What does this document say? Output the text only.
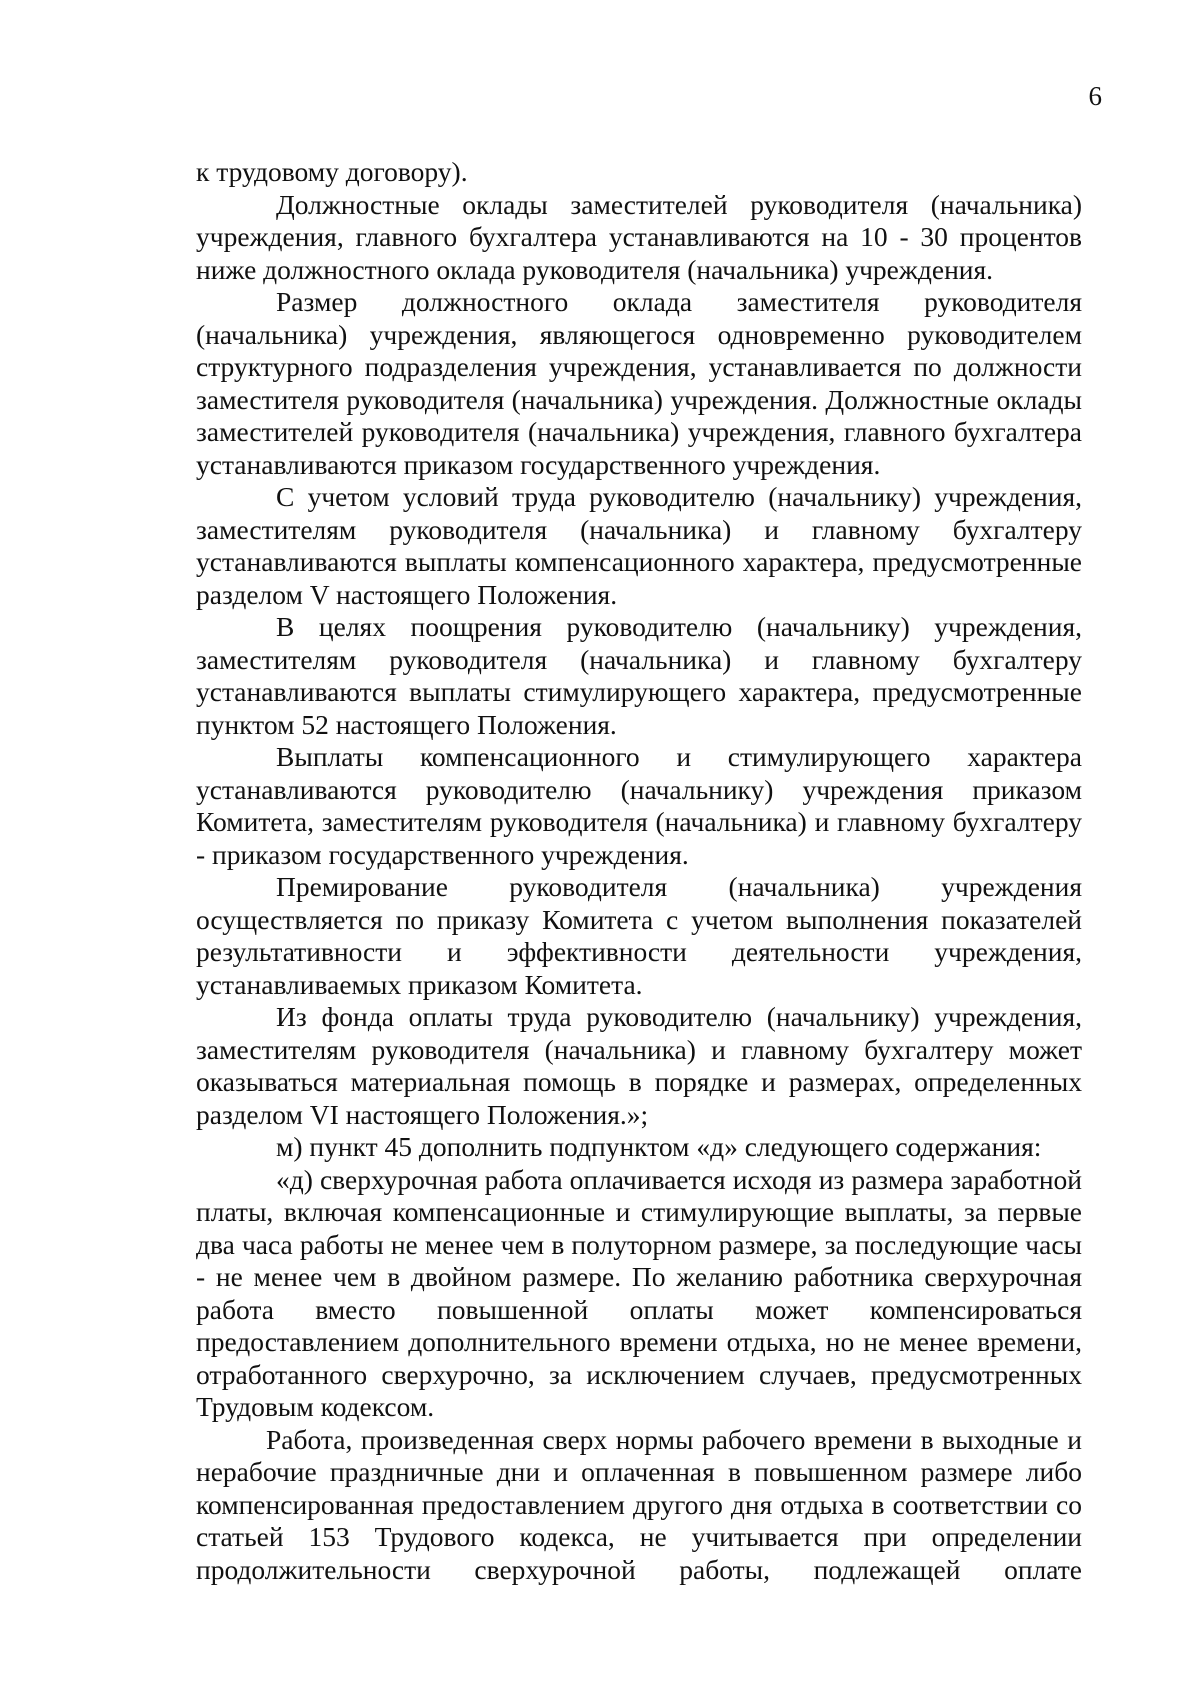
6

к трудовому договору).

Должностные оклады заместителей руководителя (начальника) учреждения, главного бухгалтера устанавливаются на 10 - 30 процентов ниже должностного оклада руководителя (начальника) учреждения.

Размер должностного оклада заместителя руководителя (начальника) учреждения, являющегося одновременно руководителем структурного подразделения учреждения, устанавливается по должности заместителя руководителя (начальника) учреждения. Должностные оклады заместителей руководителя (начальника) учреждения, главного бухгалтера устанавливаются приказом государственного учреждения.

С учетом условий труда руководителю (начальнику) учреждения, заместителям руководителя (начальника) и главному бухгалтеру устанавливаются выплаты компенсационного характера, предусмотренные разделом V настоящего Положения.

В целях поощрения руководителю (начальнику) учреждения, заместителям руководителя (начальника) и главному бухгалтеру устанавливаются выплаты стимулирующего характера, предусмотренные пунктом 52 настоящего Положения.

Выплаты компенсационного и стимулирующего характера устанавливаются руководителю (начальнику) учреждения приказом Комитета, заместителям руководителя (начальника) и главному бухгалтеру - приказом государственного учреждения.

Премирование руководителя (начальника) учреждения осуществляется по приказу Комитета с учетом выполнения показателей результативности и эффективности деятельности учреждения, устанавливаемых приказом Комитета.

Из фонда оплаты труда руководителю (начальнику) учреждения, заместителям руководителя (начальника) и главному бухгалтеру может оказываться материальная помощь в порядке и размерах, определенных разделом VI настоящего Положения.»;

м) пункт 45 дополнить подпунктом «д» следующего содержания:

«д) сверхурочная работа оплачивается исходя из размера заработной платы, включая компенсационные и стимулирующие выплаты, за первые два часа работы не менее чем в полуторном размере, за последующие часы - не менее чем в двойном размере. По желанию работника сверхурочная работа вместо повышенной оплаты может компенсироваться предоставлением дополнительного времени отдыха, но не менее времени, отработанного сверхурочно, за исключением случаев, предусмотренных Трудовым кодексом.

Работа, произведенная сверх нормы рабочего времени в выходные и нерабочие праздничные дни и оплаченная в повышенном размере либо компенсированная предоставлением другого дня отдыха в соответствии со статьей 153 Трудового кодекса, не учитывается при определении продолжительности сверхурочной работы, подлежащей оплате
